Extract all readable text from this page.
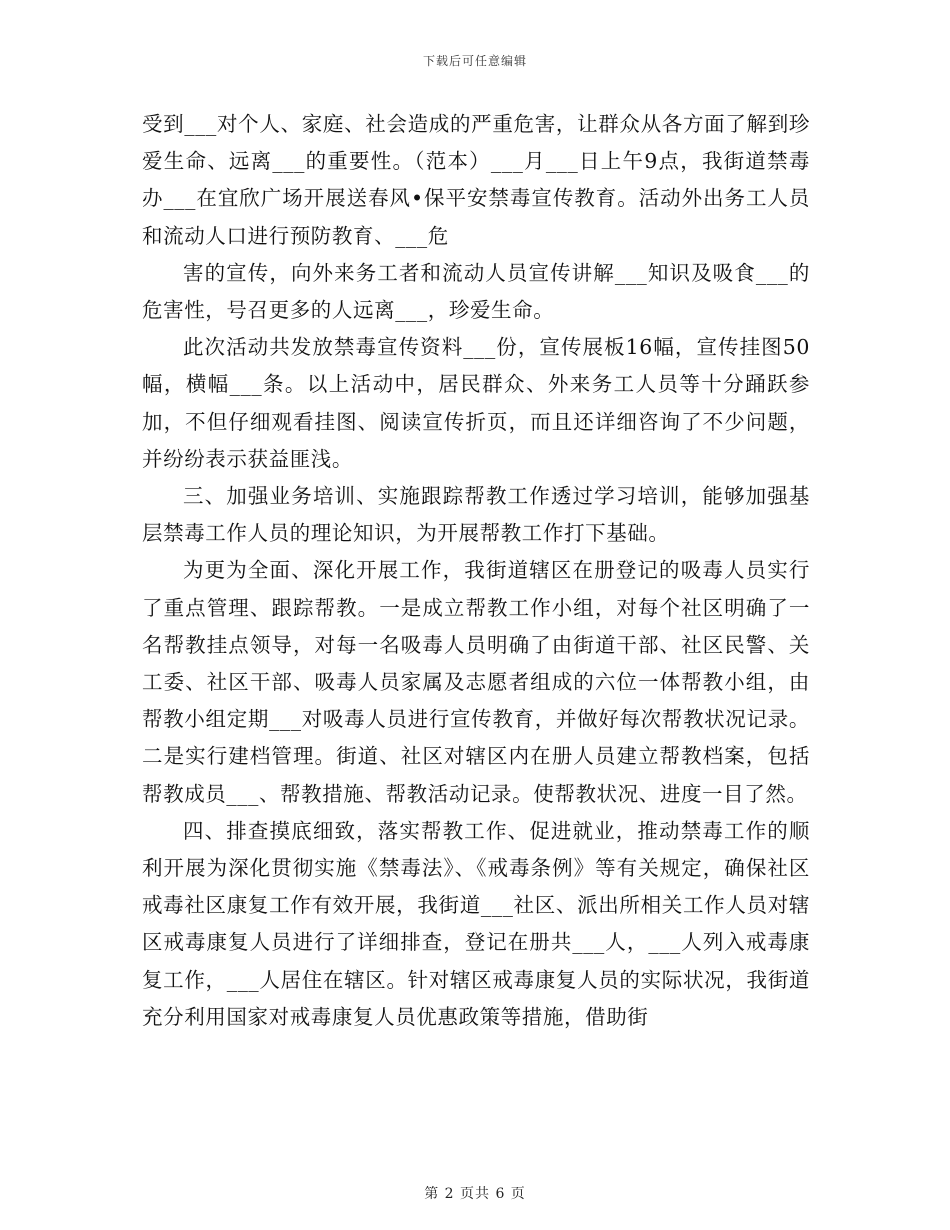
下载后可任意编辑

受到___对个人、家庭、社会造成的严重危害，让群众从各方面了解到珍爱生命、远离___的重要性。（范本）___月___日上午9点，我街道禁毒办___在宜欣广场开展送春风•保平安禁毒宣传教育。活动外出务工人员和流动人口进行预防教育、___危

害的宣传，向外来务工者和流动人员宣传讲解___知识及吸食___的危害性，号召更多的人远离___，珍爱生命。

此次活动共发放禁毒宣传资料___份，宣传展板16幅，宣传挂图50幅，横幅___条。以上活动中，居民群众、外来务工人员等十分踊跃参加，不但仔细观看挂图、阅读宣传折页，而且还详细咨询了不少问题，并纷纷表示获益匪浅。

三、加强业务培训、实施跟踪帮教工作透过学习培训，能够加强基层禁毒工作人员的理论知识，为开展帮教工作打下基础。

为更为全面、深化开展工作，我街道辖区在册登记的吸毒人员实行了重点管理、跟踪帮教。一是成立帮教工作小组，对每个社区明确了一名帮教挂点领导，对每一名吸毒人员明确了由街道干部、社区民警、关工委、社区干部、吸毒人员家属及志愿者组成的六位一体帮教小组，由帮教小组定期___对吸毒人员进行宣传教育，并做好每次帮教状况记录。二是实行建档管理。街道、社区对辖区内在册人员建立帮教档案，包括帮教成员___、帮教措施、帮教活动记录。使帮教状况、进度一目了然。

四、排查摸底细致，落实帮教工作、促进就业，推动禁毒工作的顺利开展为深化贯彻实施《禁毒法》、《戒毒条例》等有关规定，确保社区戒毒社区康复工作有效开展，我街道___社区、派出所相关工作人员对辖区戒毒康复人员进行了详细排查，登记在册共___人，___人列入戒毒康复工作，___人居住在辖区。针对辖区戒毒康复人员的实际状况，我街道充分利用国家对戒毒康复人员优惠政策等措施，借助街

第 2 页共 6 页
